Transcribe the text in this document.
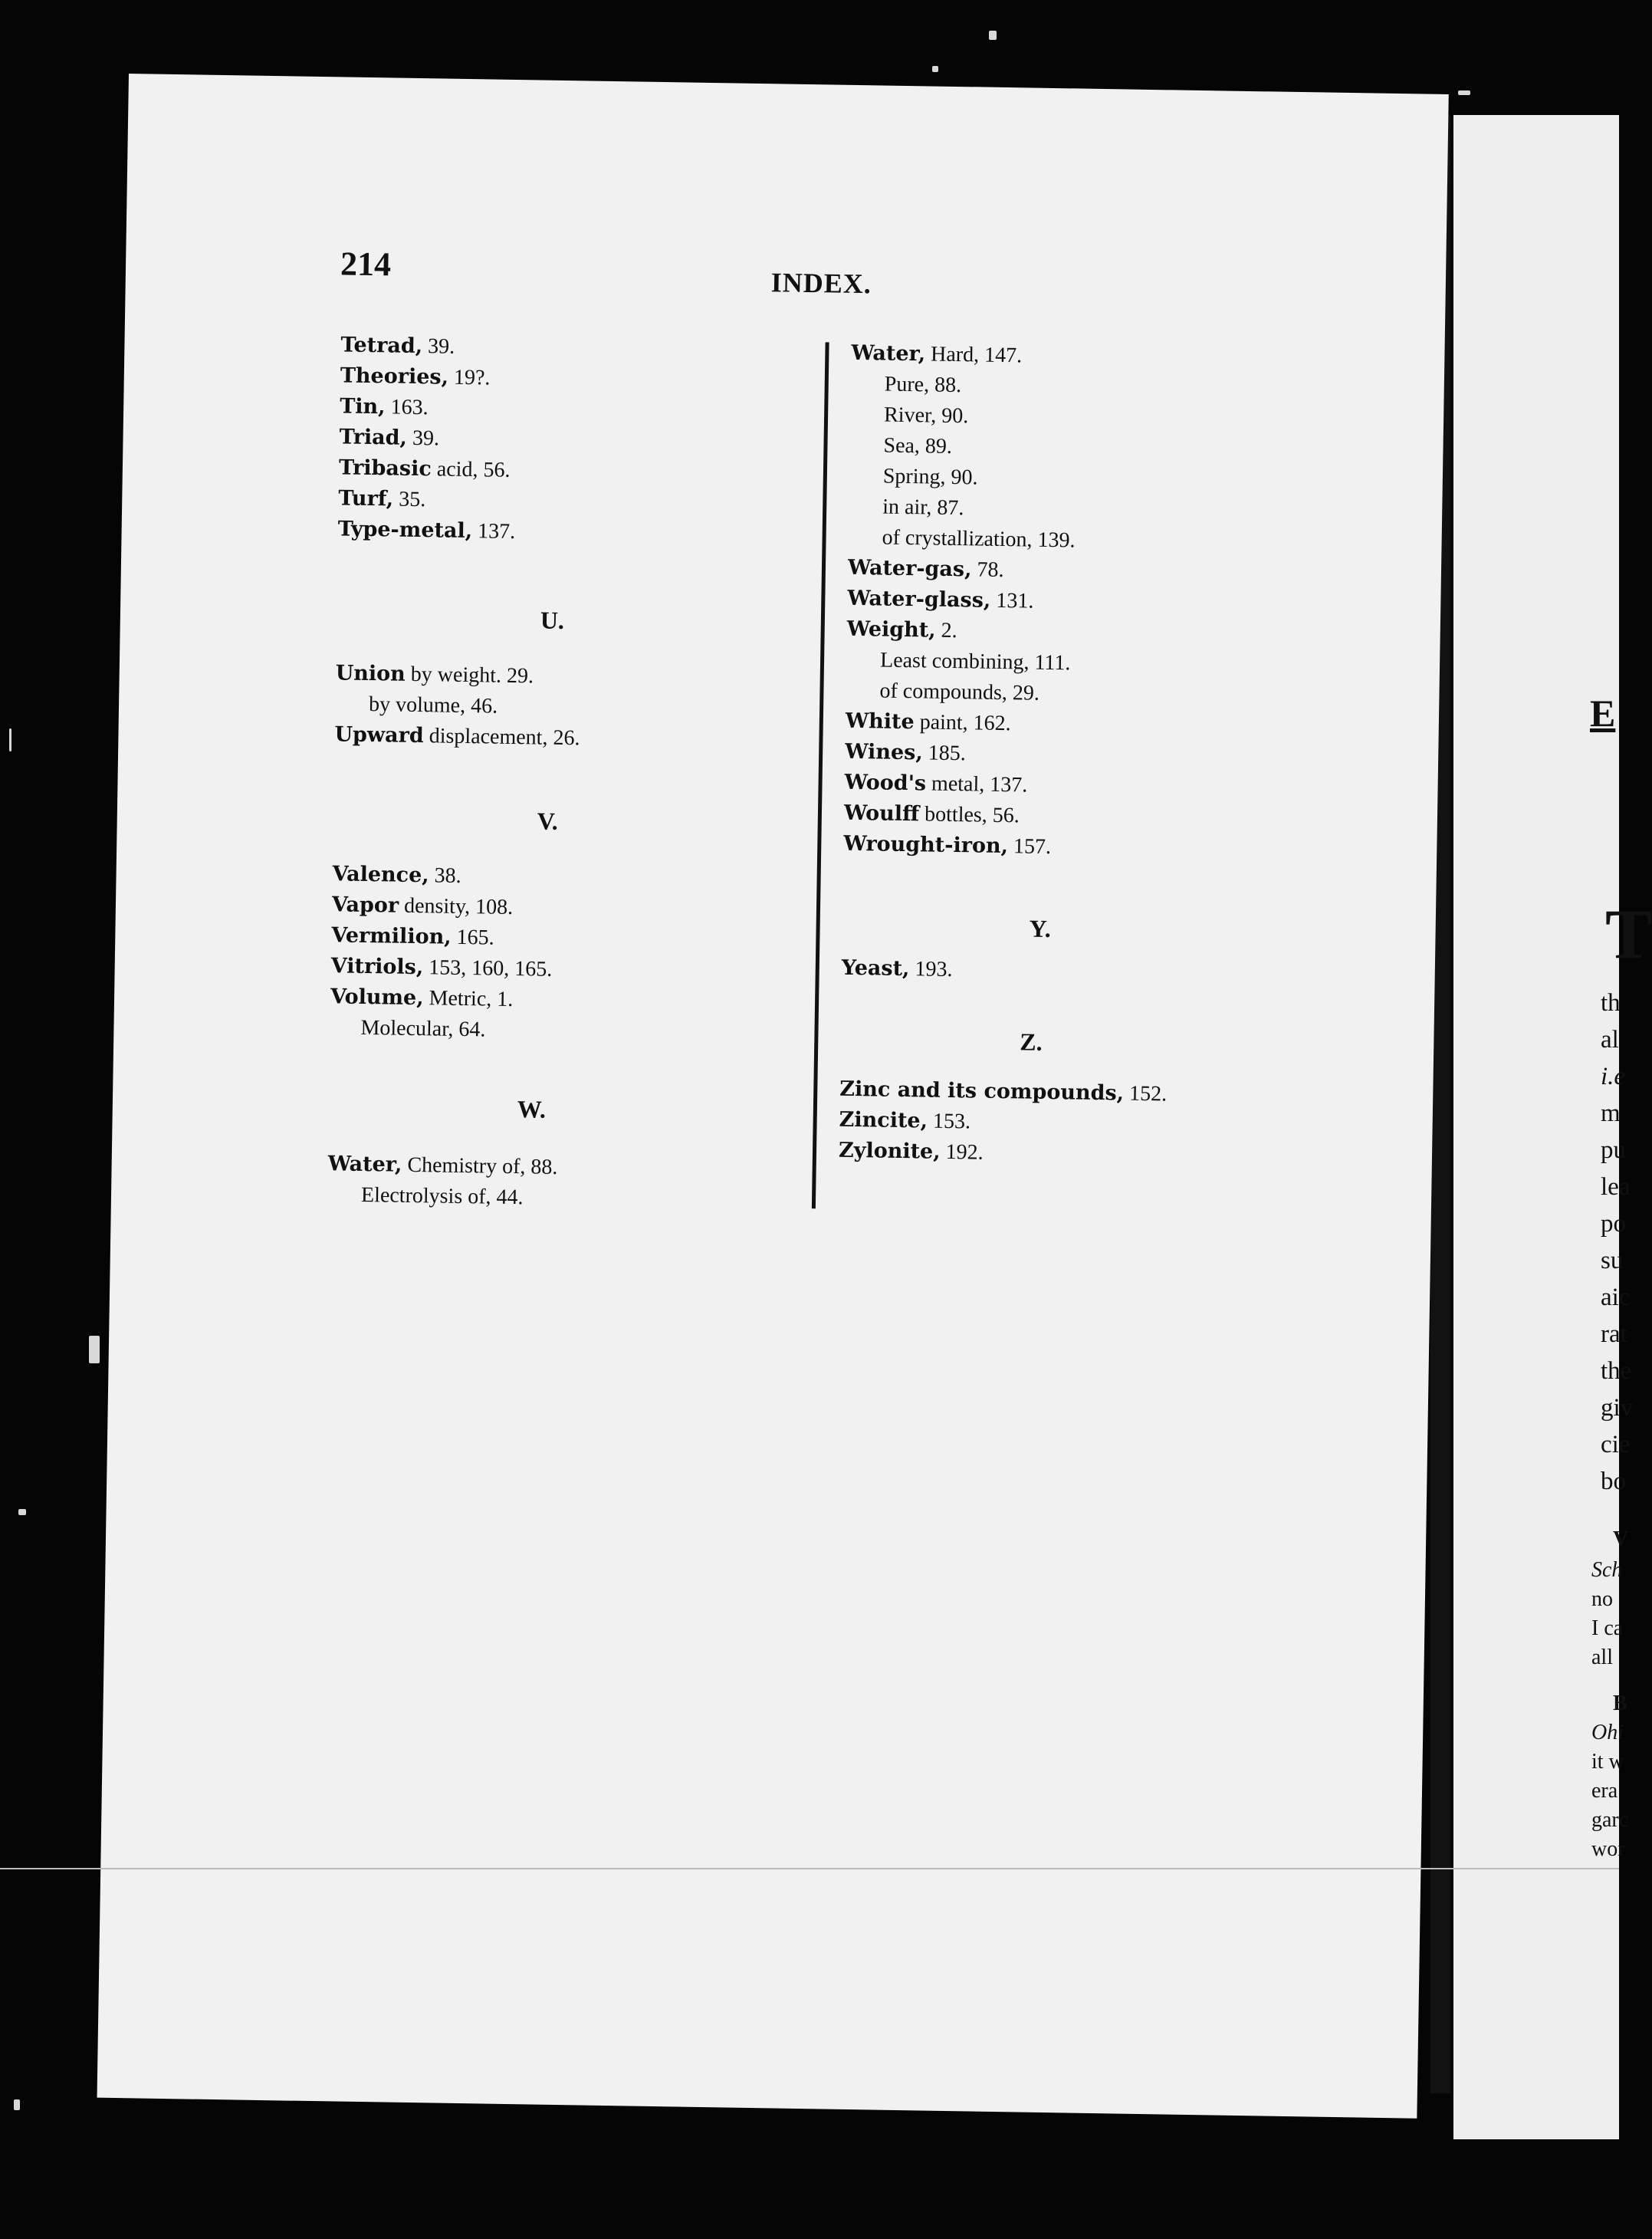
E
T
th
al
i.e
m
pu
lea
po
su
aic
rat
the
giv
cie
bo
V
Sch
no
I ca
all
B
Ohi
it w
era
garc
wor
214	INDEX.
Tetrad, 39.
Theories, 19?.
Tin, 163.
Triad, 39.
Tribasic acid, 56.
Turf, 35.
Type-metal, 137.
U.
Union by weight. 29.
by volume, 46.
Upward displacement, 26.
V.
Valence, 38.
Vapor density, 108.
Vermilion, 165.
Vitriols, 153, 160, 165.
Volume, Metric, 1.
Molecular, 64.
W.
Water, Chemistry of, 88.
Electrolysis of, 44.
Water, Hard, 147.
Pure, 88.
River, 90.
Sea, 89.
Spring, 90.
in air, 87.
of crystallization, 139.
Water-gas, 78.
Water-glass, 131.
Weight, 2.
Least combining, 111.
of compounds, 29.
White paint, 162.
Wines, 185.
Wood's metal, 137.
Woulff bottles, 56.
Wrought-iron, 157.
Y.
Yeast, 193.
Z.
Zinc and its compounds, 152.
Zincite, 153.
Zylonite, 192.
